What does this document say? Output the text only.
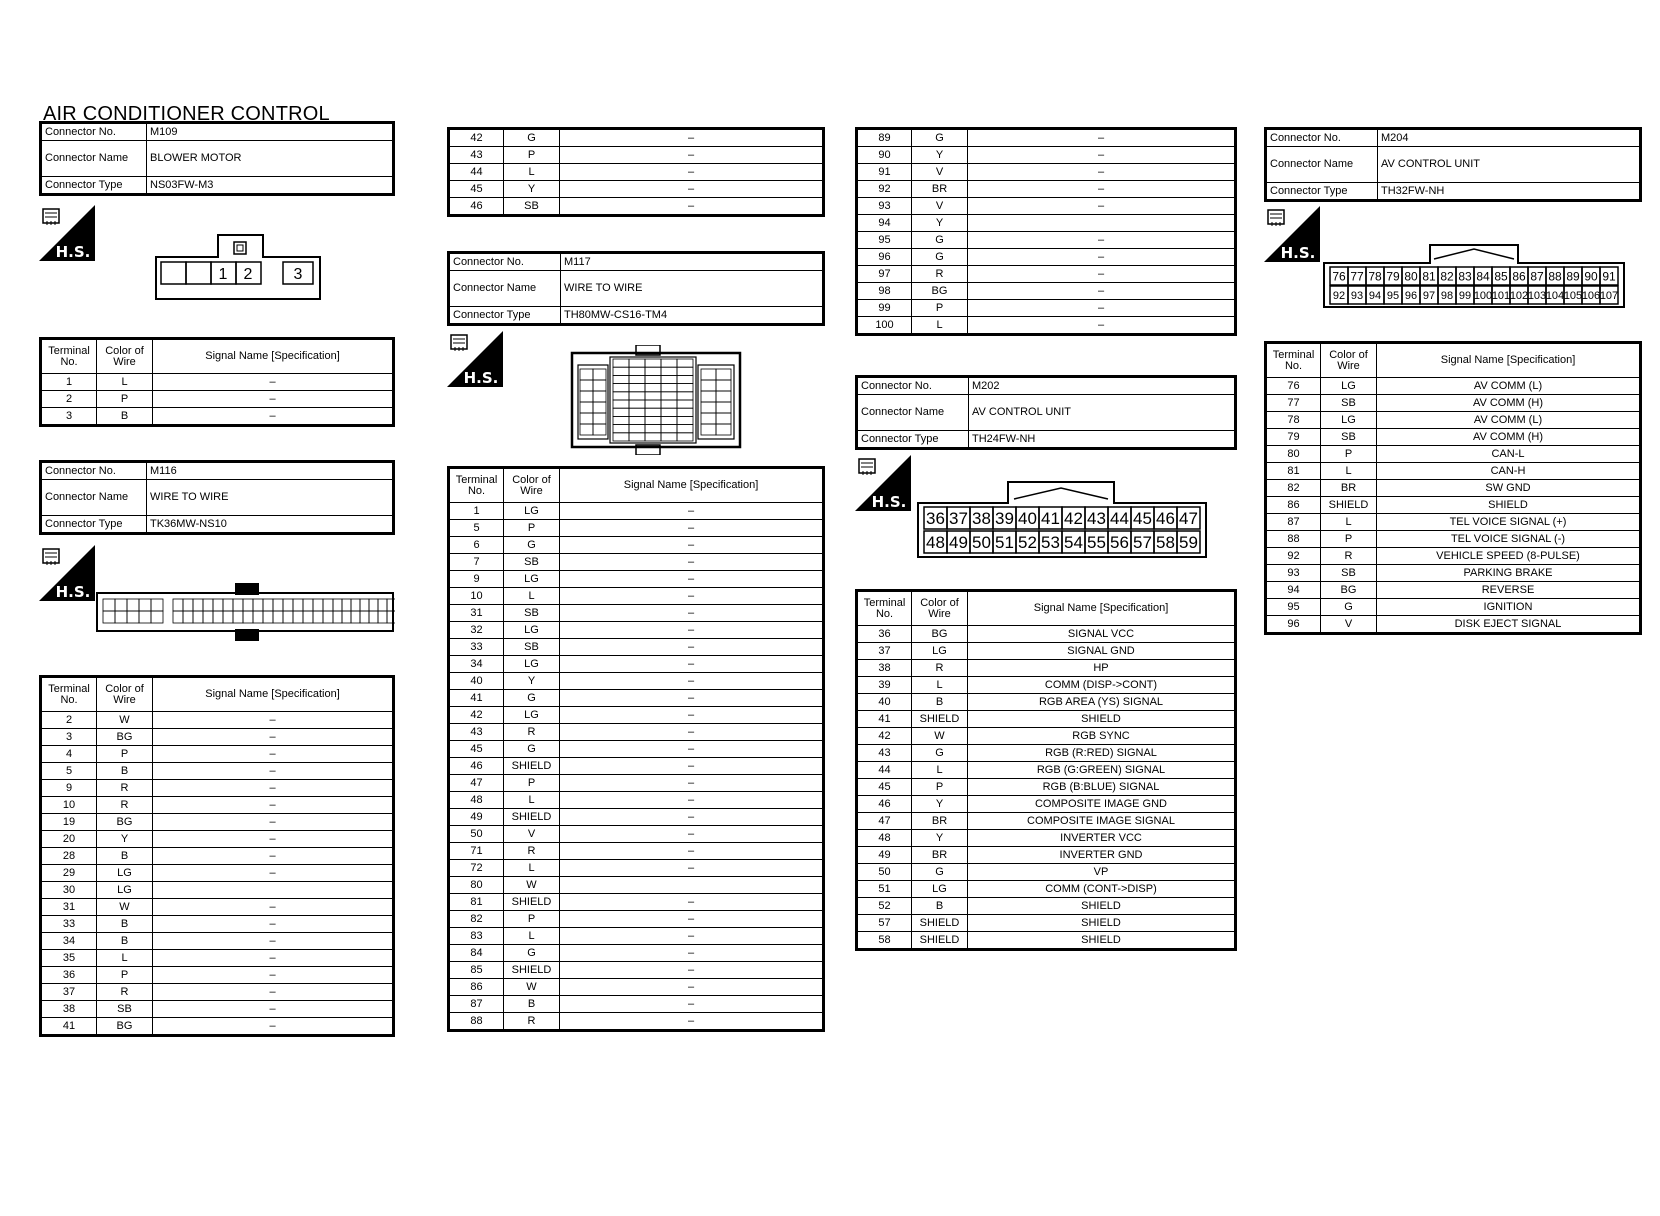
AIR CONDITIONER CONTROL
Connector No.	M109
Connector Name	BLOWER MOTOR
Connector Type	NS03FW-M3
H.S.
1 2	3
Terminal No.	Color of Wire	Signal Name [Specification]
1	L	–
2	P	–
3	B	–
Connector No.	M116
Connector Name	WIRE TO WIRE
Connector Type	TK36MW-NS10
H.S.
Terminal No.	Color of Wire	Signal Name [Specification]
2	W	–
3	BG	–
4	P	–
5	B	–
9	R	–
10	R	–
19	BG	–
20	Y	–
28	B	–
29	LG	–
30	LG	
31	W	–
33	B	–
34	B	–
35	L	–
36	P	–
37	R	–
38	SB	–
41	BG	–
42	G	–
43	P	–
44	L	–
45	Y	–
46	SB	–
Connector No.	M117
Connector Name	WIRE TO WIRE
Connector Type	TH80MW-CS16-TM4
H.S.
Terminal No.	Color of Wire	Signal Name [Specification]
1	LG	–
5	P	–
6	G	–
7	SB	–
9	LG	–
10	L	–
31	SB	–
32	LG	–
33	SB	–
34	LG	–
40	Y	–
41	G	–
42	LG	–
43	R	–
45	G	–
46	SHIELD	–
47	P	–
48	L	–
49	SHIELD	–
50	V	–
71	R	–
72	L	–
80	W	
81	SHIELD	–
82	P	–
83	L	–
84	G	–
85	SHIELD	–
86	W	–
87	B	–
88	R	–
89	G	–
90	Y	–
91	V	–
92	BR	–
93	V	–
94	Y	
95	G	–
96	G	–
97	R	–
98	BG	–
99	P	–
100	L	–
Connector No.	M202
Connector Name	AV CONTROL UNIT
Connector Type	TH24FW-NH
H.S.
36 37 38 39 40 41 42 43 44 45 46 47
48 49 50 51 52 53 54 55 56 57 58 59
Terminal No.	Color of Wire	Signal Name [Specification]
36	BG	SIGNAL VCC
37	LG	SIGNAL GND
38	R	HP
39	L	COMM (DISP->CONT)
40	B	RGB AREA (YS) SIGNAL
41	SHIELD	SHIELD
42	W	RGB SYNC
43	G	RGB (R:RED) SIGNAL
44	L	RGB (G:GREEN) SIGNAL
45	P	RGB (B:BLUE) SIGNAL
46	Y	COMPOSITE IMAGE GND
47	BR	COMPOSITE IMAGE SIGNAL
48	Y	INVERTER VCC
49	BR	INVERTER GND
50	G	VP
51	LG	COMM (CONT->DISP)
52	B	SHIELD
57	SHIELD	SHIELD
58	SHIELD	SHIELD
Connector No.	M204
Connector Name	AV CONTROL UNIT
Connector Type	TH32FW-NH
H.S.
76 77 78 79 80 81 82 83 84 85 86 87 88 89 90 91
92 93 94 95 96 97 98 99 100 101 102 103 104 105 106 107
Terminal No.	Color of Wire	Signal Name [Specification]
76	LG	AV COMM (L)
77	SB	AV COMM (H)
78	LG	AV COMM (L)
79	SB	AV COMM (H)
80	P	CAN-L
81	L	CAN-H
82	BR	SW GND
86	SHIELD	SHIELD
87	L	TEL VOICE SIGNAL (+)
88	P	TEL VOICE SIGNAL (-)
92	R	VEHICLE SPEED (8-PULSE)
93	SB	PARKING BRAKE
94	BG	REVERSE
95	G	IGNITION
96	V	DISK EJECT SIGNAL
